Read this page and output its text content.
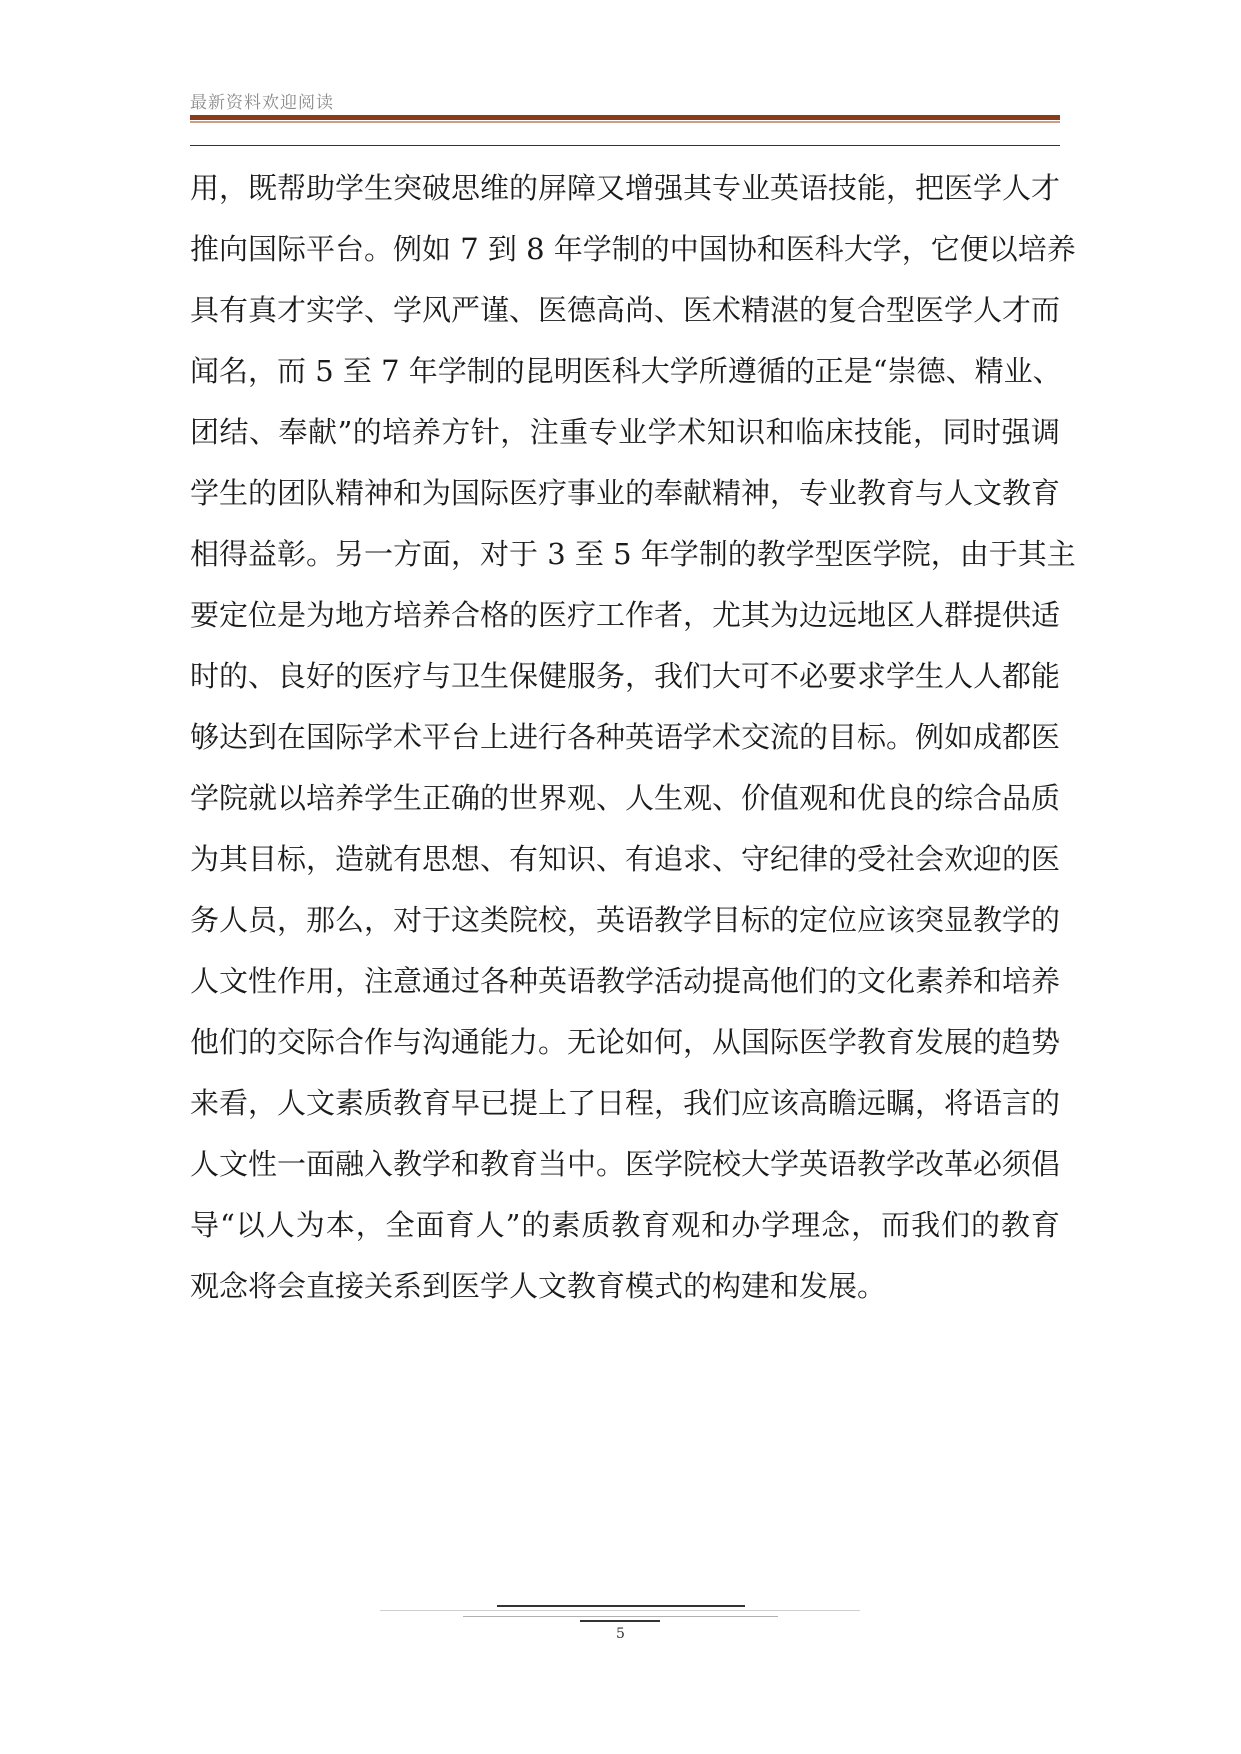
最新资料欢迎阅读
用，既帮助学生突破思维的屏障又增强其专业英语技能，把医学人才
推向国际平台。例如 7 到 8 年学制的中国协和医科大学，它便以培养
具有真才实学、学风严谨、医德高尚、医术精湛的复合型医学人才而
闻名，而 5 至 7 年学制的昆明医科大学所遵循的正是“崇德、精业、
团结、奉献”的培养方针，注重专业学术知识和临床技能，同时强调
学生的团队精神和为国际医疗事业的奉献精神，专业教育与人文教育
相得益彰。另一方面，对于 3 至 5 年学制的教学型医学院，由于其主
要定位是为地方培养合格的医疗工作者，尤其为边远地区人群提供适
时的、良好的医疗与卫生保健服务，我们大可不必要求学生人人都能
够达到在国际学术平台上进行各种英语学术交流的目标。例如成都医
学院就以培养学生正确的世界观、人生观、价值观和优良的综合品质
为其目标，造就有思想、有知识、有追求、守纪律的受社会欢迎的医
务人员，那么，对于这类院校，英语教学目标的定位应该突显教学的
人文性作用，注意通过各种英语教学活动提高他们的文化素养和培养
他们的交际合作与沟通能力。无论如何，从国际医学教育发展的趋势
来看，人文素质教育早已提上了日程，我们应该高瞻远瞩，将语言的
人文性一面融入教学和教育当中。医学院校大学英语教学改革必须倡
导“以人为本，全面育人”的素质教育观和办学理念，而我们的教育
观念将会直接关系到医学人文教育模式的构建和发展。
5
